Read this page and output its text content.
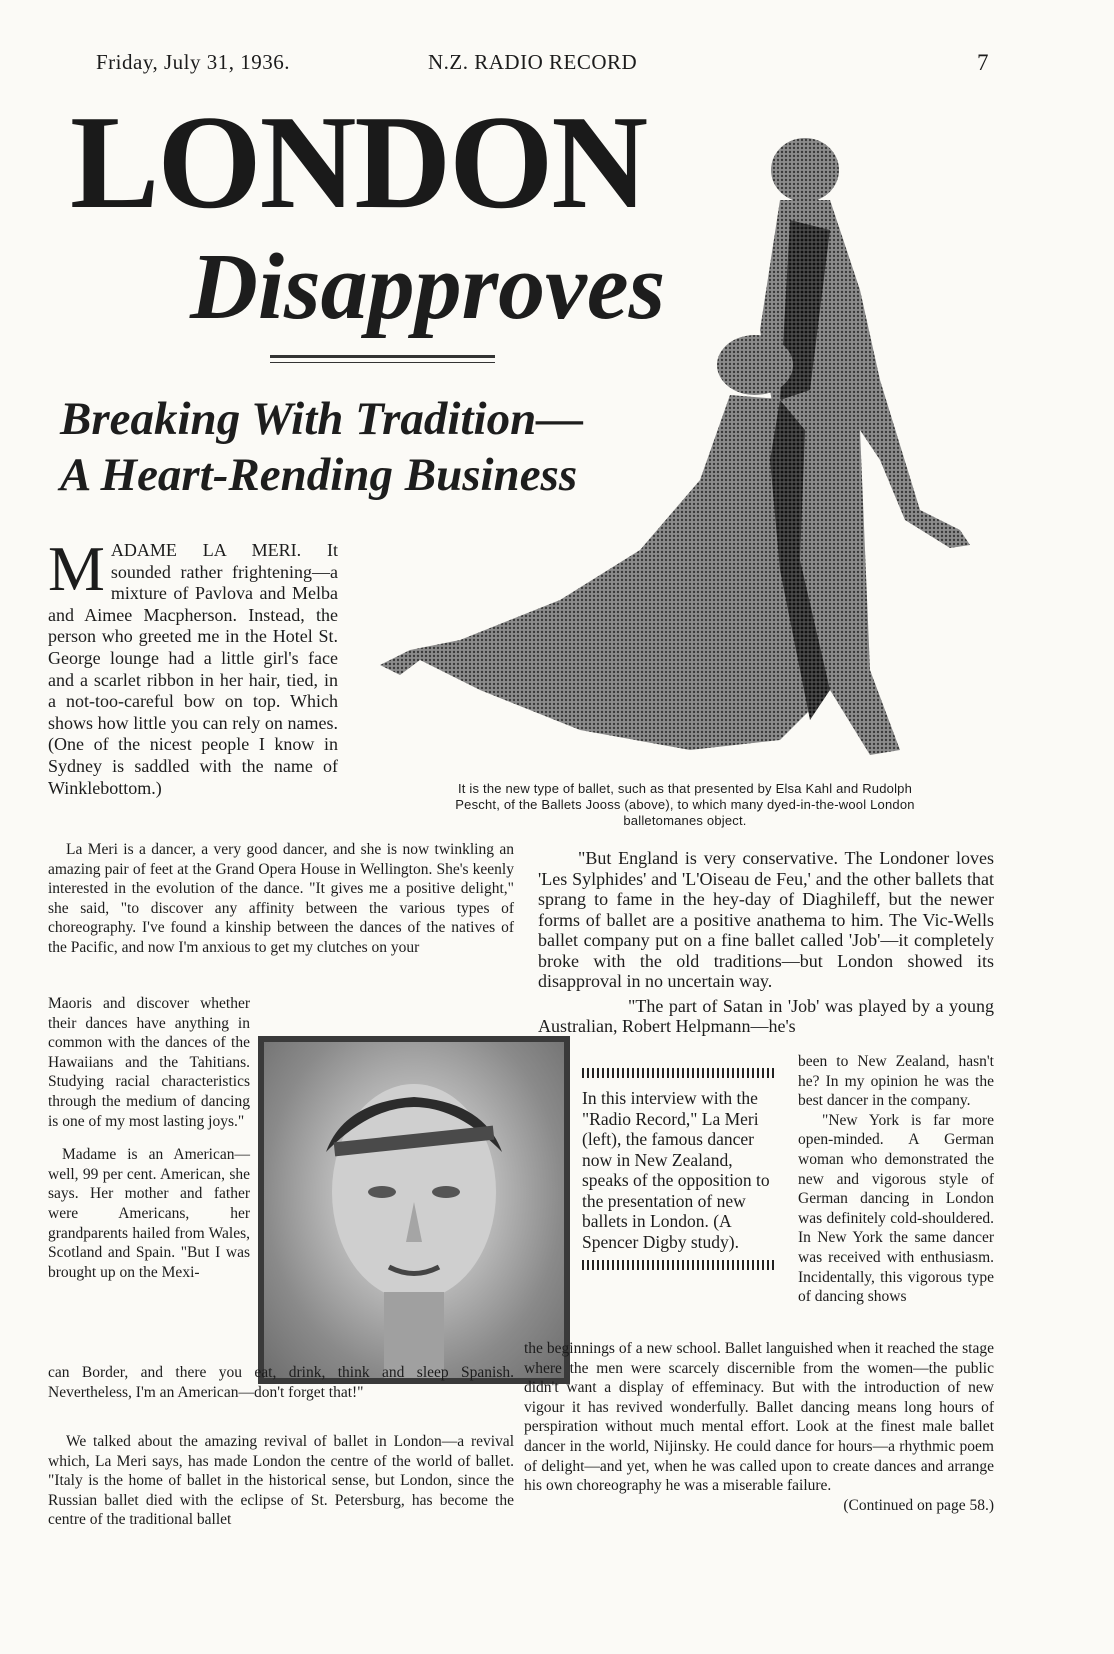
Friday, July 31, 1936.	N.Z. RADIO RECORD	7
LONDON
Disapproves
Breaking With Tradition—
A Heart-Rending Business
It is the new type of ballet, such as that presented by Elsa Kahl and Rudolph
Pescht, of the Ballets Jooss (above), to which many dyed-in-the-wool London
balletomanes object.
M ADAME LA MERI. It sounded rather frightening—a mixture of Pavlova and Melba and Aimee Macpherson. Instead, the person who greeted me in the Hotel St. George lounge had a little girl's face and a scarlet ribbon in her hair, tied, in a not-too-careful bow on top. Which shows how little you can rely on names. (One of the nicest people I know in Sydney is saddled with the name of Winklebottom.)

La Meri is a dancer, a very good dancer, and she is now twinkling an amazing pair of feet at the Grand Opera House in Wellington. She's keenly interested in the evolution of the dance. "It gives me a positive delight," she said, "to discover any affinity between the various types of choreography. I've found a kinship between the dances of the natives of the Pacific, and now I'm anxious to get my clutches on your

Maoris and discover whether their dances have anything in common with the dances of the Hawaiians and the Tahitians. Studying racial characteristics through the medium of dancing is one of my most lasting joys."

Madame is an American—well, 99 per cent. American, she says. Her mother and father were Americans, her grandparents hailed from Wales, Scotland and Spain. "But I was brought up on the Mexi-

can Border, and there you eat, drink, think and sleep Spanish. Nevertheless, I'm an American—don't forget that!"

We talked about the amazing revival of ballet in London—a revival which, La Meri says, has made London the centre of the world of ballet. "Italy is the home of ballet in the historical sense, but London, since the Russian ballet died with the eclipse of St. Petersburg, has become the centre of the traditional ballet

"But England is very conservative. The Londoner loves 'Les Sylphides' and 'L'Oiseau de Feu,' and the other ballets that sprang to fame in the hey-day of Diaghileff, but the newer forms of ballet are a positive anathema to him. The Vic-Wells ballet company put on a fine ballet called 'Job'—it completely broke with the old traditions—but London showed its disapproval in no uncertain way.

"The part of Satan in 'Job' was played by a young Australian, Robert Helpmann—he's

In this interview with the "Radio Record," La Meri (left), the famous dancer now in New Zealand, speaks of the opposition to the presentation of new ballets in London. (A Spencer Digby study).

been to New Zealand, hasn't he? In my opinion he was the best dancer in the company.

"New York is far more open-minded. A German woman who demonstrated the new and vigorous style of German dancing in London was definitely cold-shouldered. In New York the same dancer was received with enthusiasm. Incidentally, this vigorous type of dancing shows

the beginnings of a new school. Ballet languished when it reached the stage where the men were scarcely discernible from the women—the public didn't want a display of effeminacy. But with the introduction of new vigour it has revived wonderfully. Ballet dancing means long hours of perspiration without much mental effort. Look at the finest male ballet dancer in the world, Nijinsky. He could dance for hours—a rhythmic poem of delight—and yet, when he was called upon to create dances and arrange his own choreography he was a miserable failure.

(Continued on page 58.)
